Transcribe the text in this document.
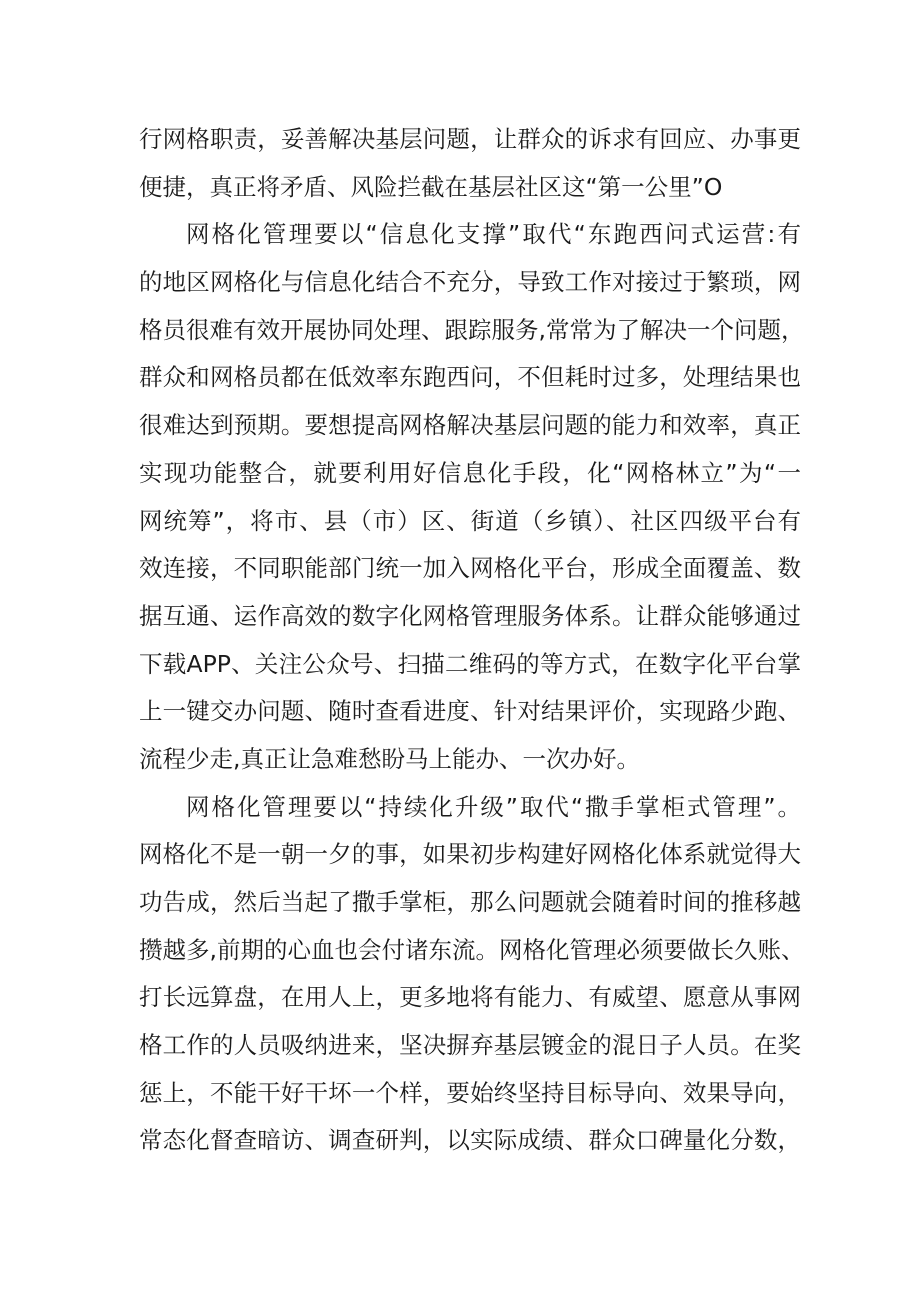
行网格职责，妥善解决基层问题，让群众的诉求有回应、办事更
便捷，真正将矛盾、风险拦截在基层社区这“第一公里”O
网格化管理要以“信息化支撑”取代“东跑西问式运营:有
的地区网格化与信息化结合不充分，导致工作对接过于繁琐，网
格员很难有效开展协同处理、跟踪服务,常常为了解决一个问题，
群众和网格员都在低效率东跑西问，不但耗时过多，处理结果也
很难达到预期。要想提高网格解决基层问题的能力和效率，真正
实现功能整合，就要利用好信息化手段，化“网格林立”为“一
网统筹”，将市、县（市）区、街道（乡镇）、社区四级平台有
效连接，不同职能部门统一加入网格化平台，形成全面覆盖、数
据互通、运作高效的数字化网格管理服务体系。让群众能够通过
下载APP、关注公众号、扫描二维码的等方式，在数字化平台掌
上一键交办问题、随时查看进度、针对结果评价，实现路少跑、
流程少走,真正让急难愁盼马上能办、一次办好。
网格化管理要以“持续化升级”取代“撒手掌柜式管理”。
网格化不是一朝一夕的事，如果初步构建好网格化体系就觉得大
功告成，然后当起了撒手掌柜，那么问题就会随着时间的推移越
攒越多,前期的心血也会付诸东流。网格化管理必须要做长久账、
打长远算盘，在用人上，更多地将有能力、有威望、愿意从事网
格工作的人员吸纳进来，坚决摒弃基层镀金的混日子人员。在奖
惩上，不能干好干坏一个样，要始终坚持目标导向、效果导向，
常态化督查暗访、调查研判，以实际成绩、群众口碑量化分数，
